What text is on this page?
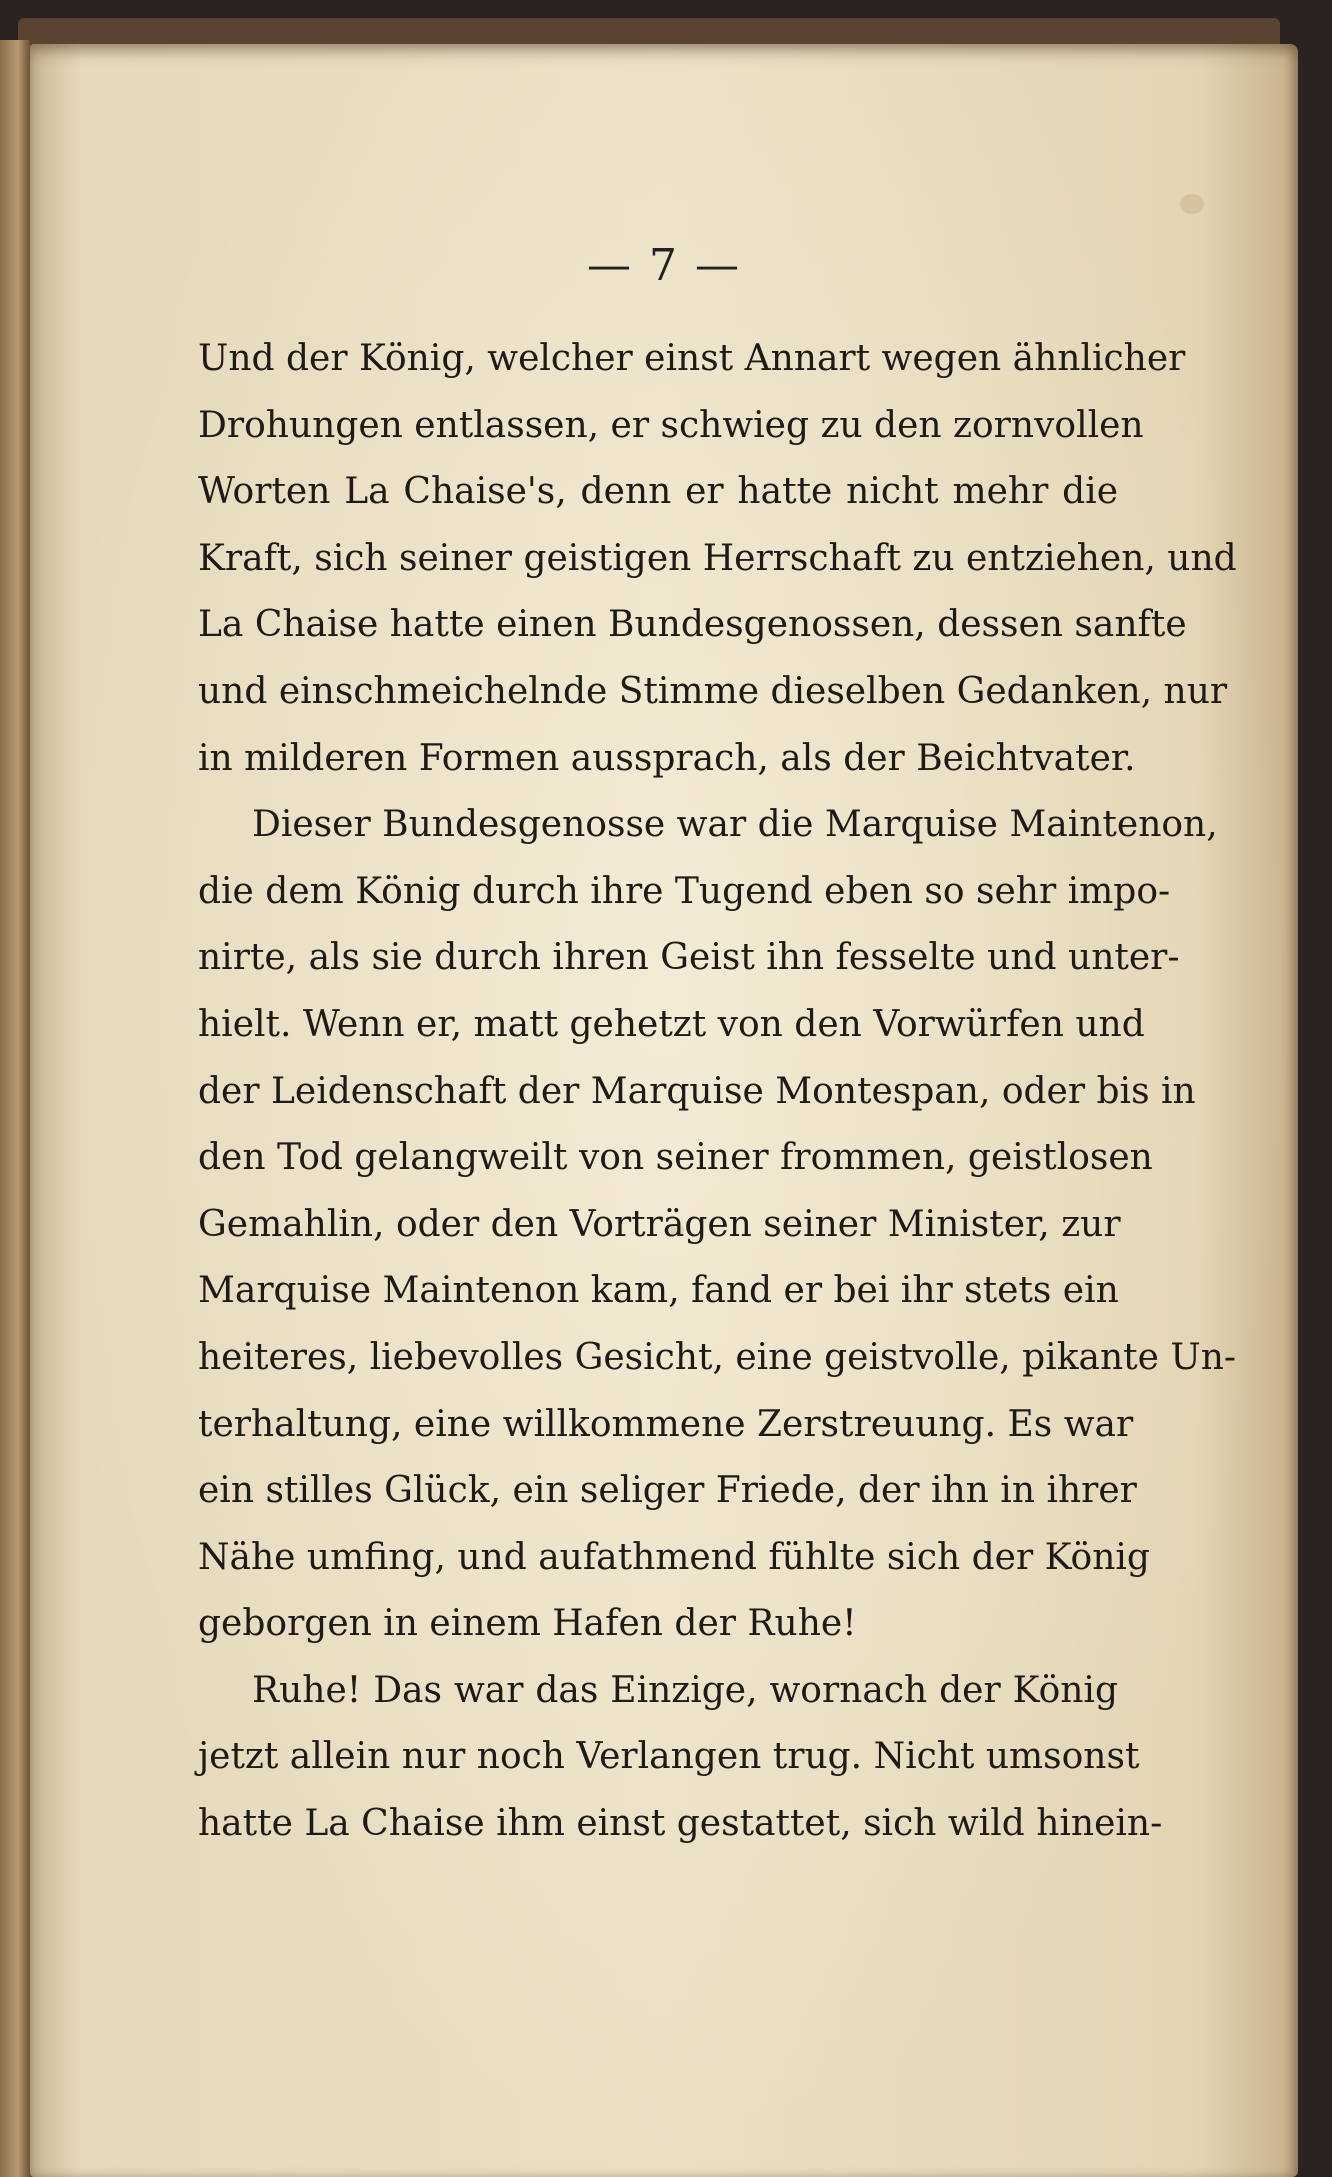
— 7 —
Und der König, welcher einst Annart wegen ähnlicher
Drohungen entlassen, er schwieg zu den zornvollen
Worten La Chaise's, denn er hatte nicht mehr die
Kraft, sich seiner geistigen Herrschaft zu entziehen, und
La Chaise hatte einen Bundesgenossen, dessen sanfte
und einschmeichelnde Stimme dieselben Gedanken, nur
in milderen Formen aussprach, als der Beichtvater.
Dieser Bundesgenosse war die Marquise Maintenon,
die dem König durch ihre Tugend eben so sehr impo-
nirte, als sie durch ihren Geist ihn fesselte und unter-
hielt. Wenn er, matt gehetzt von den Vorwürfen und
der Leidenschaft der Marquise Montespan, oder bis in
den Tod gelangweilt von seiner frommen, geistlosen
Gemahlin, oder den Vorträgen seiner Minister, zur
Marquise Maintenon kam, fand er bei ihr stets ein
heiteres, liebevolles Gesicht, eine geistvolle, pikante Un-
terhaltung, eine willkommene Zerstreuung. Es war
ein stilles Glück, ein seliger Friede, der ihn in ihrer
Nähe umfing, und aufathmend fühlte sich der König
geborgen in einem Hafen der Ruhe!
Ruhe! Das war das Einzige, wornach der König
jetzt allein nur noch Verlangen trug. Nicht umsonst
hatte La Chaise ihm einst gestattet, sich wild hinein-
